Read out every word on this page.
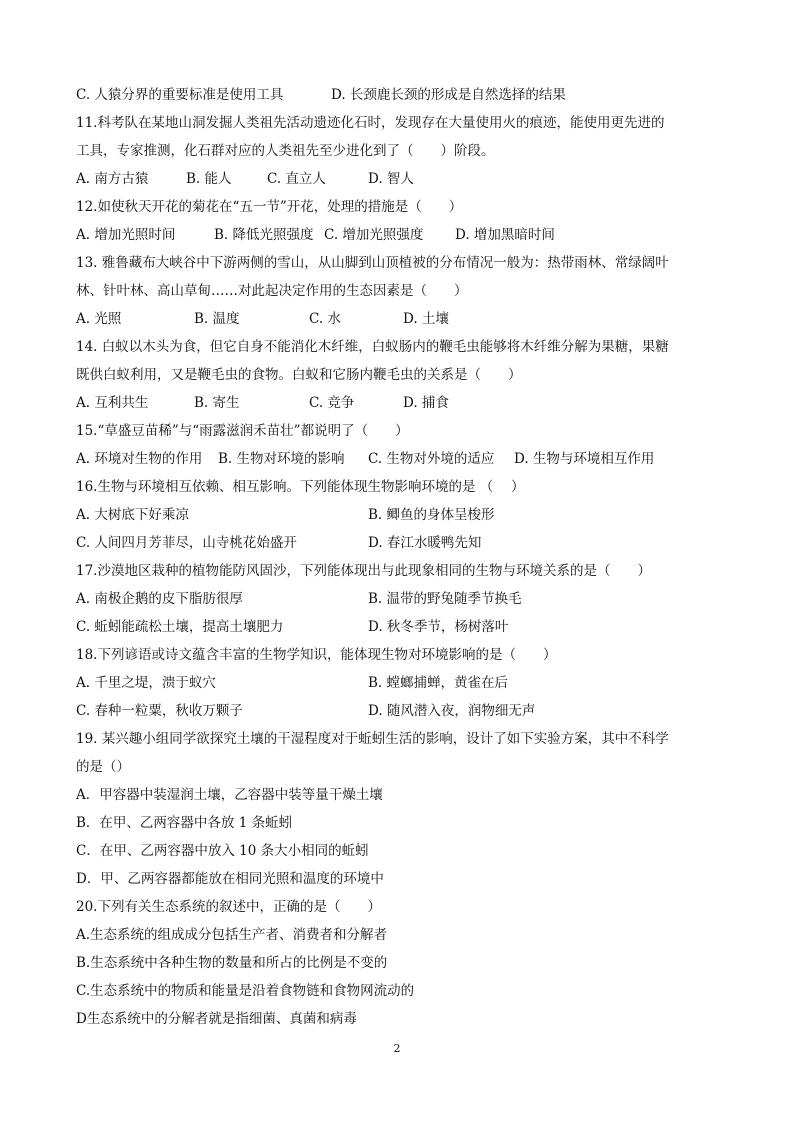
C. 人猿分界的重要标准是使用工具	D. 长颈鹿长颈的形成是自然选择的结果
11.科考队在某地山洞发掘人类祖先活动遗迹化石时，发现存在大量使用火的痕迹，能使用更先进的
工具，专家推测，化石群对应的人类祖先至少进化到了（　　）阶段。
A. 南方古猿	B. 能人	C. 直立人	D. 智人
12.如使秋天开花的菊花在“五一节”开花，处理的措施是（　　）
A. 增加光照时间	B. 降低光照强度 C. 增加光照强度 D. 增加黑暗时间
13. 雅鲁藏布大峡谷中下游两侧的雪山，从山脚到山顶植被的分布情况一般为：热带雨林、常绿阔叶
林、针叶林、高山草甸……对此起决定作用的生态因素是（　　）
A. 光照	B. 温度	C. 水	D. 土壤
14. 白蚁以木头为食，但它自身不能消化木纤维，白蚁肠内的鞭毛虫能够将木纤维分解为果糖，果糖
既供白蚁利用，又是鞭毛虫的食物。白蚁和它肠内鞭毛虫的关系是（　　）
A. 互利共生	B. 寄生	C. 竞争	D. 捕食
15.“草盛豆苗稀”与“雨露滋润禾苗壮”都说明了（　　）
A. 环境对生物的作用 B. 生物对环境的影响 C. 生物对外境的适应 D. 生物与环境相互作用
16.生物与环境相互依赖、相互影响。下列能体现生物影响环境的是 （　 ）
A. 大树底下好乘凉	B. 鲫鱼的身体呈梭形
C. 人间四月芳菲尽，山寺桃花始盛开	D. 春江水暖鸭先知
17.沙漠地区栽种的植物能防风固沙，下列能体现出与此现象相同的生物与环境关系的是（　　）
A. 南极企鹅的皮下脂肪很厚	B. 温带的野兔随季节换毛
C. 蚯蚓能疏松土壤，提高土壤肥力	D. 秋冬季节，杨树落叶
18.下列谚语或诗文蕴含丰富的生物学知识，能体现生物对环境影响的是（　　）
A. 千里之堤，溃于蚁穴	B. 螳螂捕蝉，黄雀在后
C. 春种一粒粟，秋收万颗子	D. 随风潜入夜，润物细无声
19. 某兴趣小组同学欲探究土壤的干湿程度对于蚯蚓生活的影响，设计了如下实验方案，其中不科学
的是（）
A．甲容器中装湿润土壤，乙容器中装等量干燥土壤
B．在甲、乙两容器中各放 1 条蚯蚓
C．在甲、乙两容器中放入 10 条大小相同的蚯蚓
D．甲、乙两容器都能放在相同光照和温度的环境中
20.下列有关生态系统的叙述中，正确的是（　　）
A.生态系统的组成成分包括生产者、消费者和分解者
B.生态系统中各种生物的数量和所占的比例是不变的
C.生态系统中的物质和能量是沿着食物链和食物网流动的
D生态系统中的分解者就是指细菌、真菌和病毒
2
